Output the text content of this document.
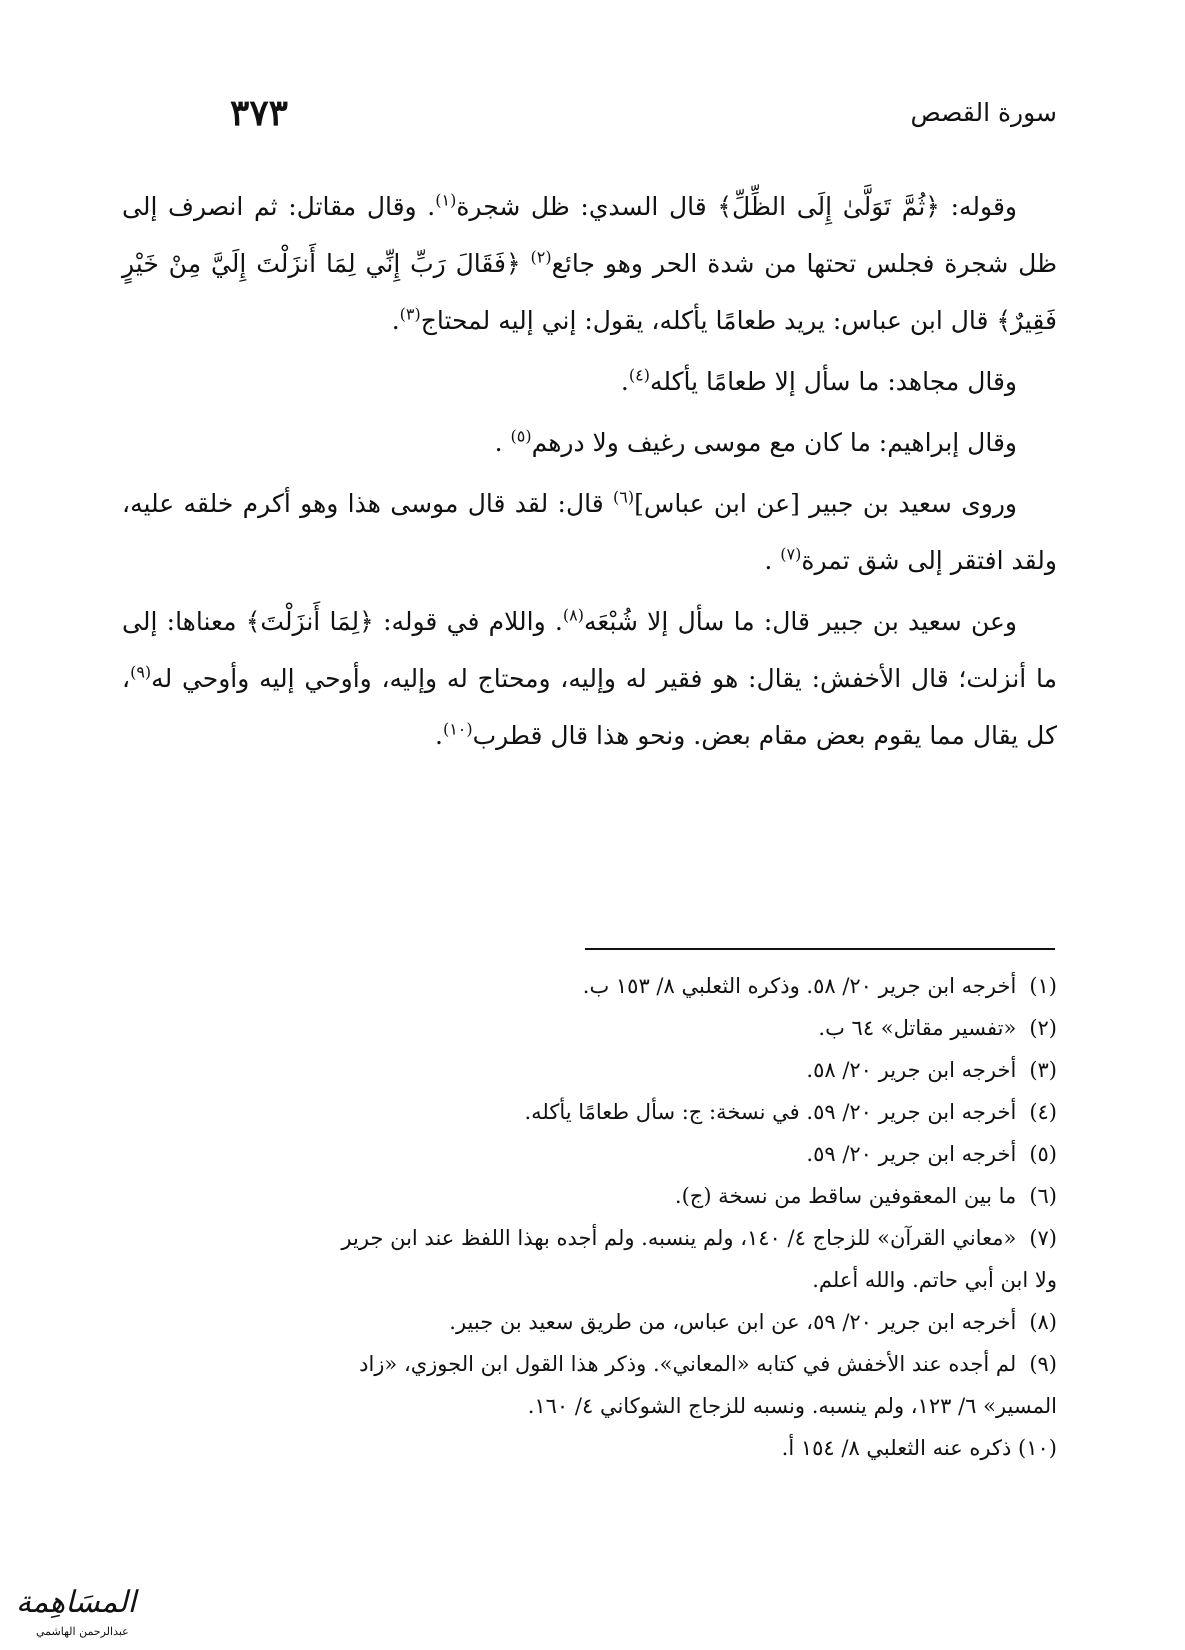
٣٧٣	سورة القصص

وقوله: ﴿ثُمَّ تَوَلَّىٰ إِلَى الظِّلِّ﴾ قال السدي: ظل شجرة$^{(١)}$. وقال مقاتل: ثم انصرف إلى ظل شجرة فجلس تحتها من شدة الحر وهو جائع$^{(٢)}$ ﴿فَقَالَ رَبِّ إِنِّي لِمَا أَنزَلْتَ إِلَيَّ مِنْ خَيْرٍ فَقِيرٌ﴾ قال ابن عباس: يريد طعامًا يأكله، يقول: إني إليه لمحتاج$^{(٣)}$.

وقال مجاهد: ما سأل إلا طعامًا يأكله$^{(٤)}$.

وقال إبراهيم: ما كان مع موسى رغيف ولا درهم$^{(٥)}$ .

وروى سعيد بن جبير [عن ابن عباس]$^{(٦)}$ قال: لقد قال موسى هذا وهو أكرم خلقه عليه، ولقد افتقر إلى شق تمرة$^{(٧)}$ .

وعن سعيد بن جبير قال: ما سأل إلا شُبْعَه$^{(٨)}$. واللام في قوله: ﴿لِمَا أَنزَلْتَ﴾ معناها: إلى ما أنزلت؛ قال الأخفش: يقال: هو فقير له وإليه، ومحتاج له وإليه، وأوحي إليه وأوحي له$^{(٩)}$، كل يقال مما يقوم بعض مقام بعض. ونحو هذا قال قطرب$^{(١٠)}$.

(١) أخرجه ابن جرير ٢٠/ ٥٨. وذكره الثعلبي ٨/ ١٥٣ ب.
(٢) «تفسير مقاتل» ٦٤ ب.
(٣) أخرجه ابن جرير ٢٠/ ٥٨.
(٤) أخرجه ابن جرير ٢٠/ ٥٩. في نسخة: ج: سأل طعامًا يأكله.
(٥) أخرجه ابن جرير ٢٠/ ٥٩.
(٦) ما بين المعقوفين ساقط من نسخة (ج).
(٧) «معاني القرآن» للزجاج ٤/ ١٤٠، ولم ينسبه. ولم أجده بهذا اللفظ عند ابن جرير
ولا ابن أبي حاتم. والله أعلم.
(٨) أخرجه ابن جرير ٢٠/ ٥٩، عن ابن عباس، من طريق سعيد بن جبير.
(٩) لم أجده عند الأخفش في كتابه «المعاني». وذكر هذا القول ابن الجوزي، «زاد
المسير» ٦/ ١٢٣، ولم ينسبه. ونسبه للزجاج الشوكاني ٤/ ١٦٠.
(١٠) ذكره عنه الثعلبي ٨/ ١٥٤ أ.
المسَاهِمة
عبدالرحمن الهاشمي
